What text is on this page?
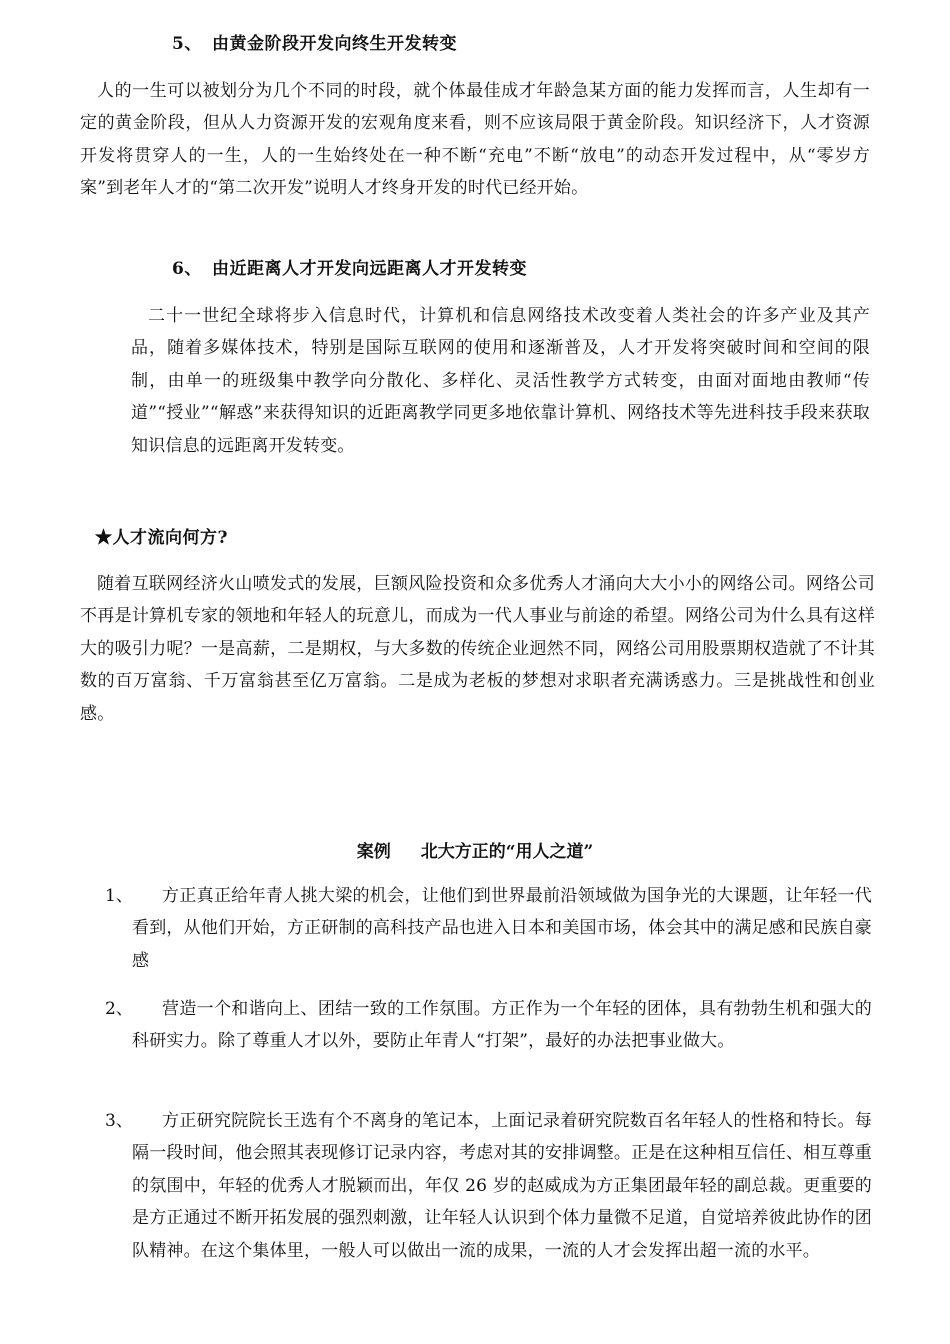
5、 由黄金阶段开发向终生开发转变
人的一生可以被划分为几个不同的时段，就个体最佳成才年龄急某方面的能力发挥而言，人生却有一定的黄金阶段，但从人力资源开发的宏观角度来看，则不应该局限于黄金阶段。知识经济下，人才资源开发将贯穿人的一生，人的一生始终处在一种不断“充电”不断“放电”的动态开发过程中，从“零岁方案”到老年人才的“第二次开发”说明人才终身开发的时代已经开始。
6、 由近距离人才开发向远距离人才开发转变
二十一世纪全球将步入信息时代，计算机和信息网络技术改变着人类社会的许多产业及其产品，随着多媒体技术，特别是国际互联网的使用和逐渐普及，人才开发将突破时间和空间的限制，由单一的班级集中教学向分散化、多样化、灵活性教学方式转变，由面对面地由教师“传道”“授业”“解惑”来获得知识的近距离教学同更多地依靠计算机、网络技术等先进科技手段来获取知识信息的远距离开发转变。
★人才流向何方?
随着互联网经济火山喷发式的发展，巨额风险投资和众多优秀人才涌向大大小小的网络公司。网络公司不再是计算机专家的领地和年轻人的玩意儿，而成为一代人事业与前途的希望。网络公司为什么具有这样大的吸引力呢？一是高薪，二是期权，与大多数的传统企业迥然不同，网络公司用股票期权造就了不计其数的百万富翁、千万富翁甚至亿万富翁。二是成为老板的梦想对求职者充满诱惑力。三是挑战性和创业感。
案例 北大方正的“用人之道”
1、	方正真正给年青人挑大梁的机会，让他们到世界最前沿领域做为国争光的大课题，让年轻一代看到，从他们开始，方正研制的高科技产品也进入日本和美国市场，体会其中的满足感和民族自豪感
2、	营造一个和谐向上、团结一致的工作氛围。方正作为一个年轻的团体，具有勃勃生机和强大的科研实力。除了尊重人才以外，要防止年青人“打架”，最好的办法把事业做大。
3、	方正研究院院长王选有个不离身的笔记本，上面记录着研究院数百名年轻人的性格和特长。每隔一段时间，他会照其表现修订记录内容，考虑对其的安排调整。正是在这种相互信任、相互尊重的氛围中，年轻的优秀人才脱颖而出，年仅 26 岁的赵威成为方正集团最年轻的副总裁。更重要的是方正通过不断开拓发展的强烈刺激，让年轻人认识到个体力量微不足道，自觉培养彼此协作的团队精神。在这个集体里，一般人可以做出一流的成果，一流的人才会发挥出超一流的水平。
